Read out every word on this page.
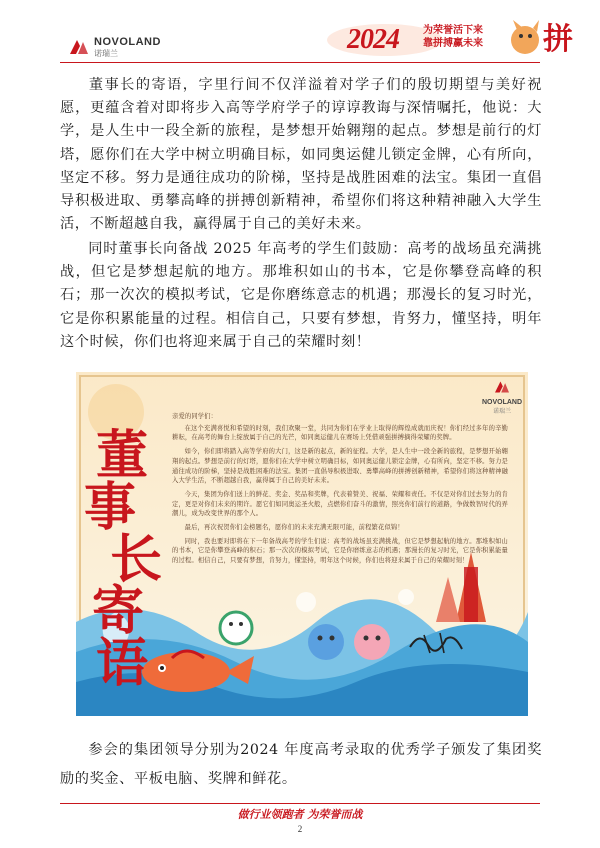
NOVOLAND
诺瑞兰	2024 为荣誉活下来
靠拼搏赢未来 拼

董事长的寄语，字里行间不仅洋溢着对学子们的殷切期望与美好祝愿，更蕴含着对即将步入高等学府学子的谆谆教诲与深情嘱托，他说：大学，是人生中一段全新的旅程，是梦想开始翱翔的起点。梦想是前行的灯塔，愿你们在大学中树立明确目标，如同奥运健儿锁定金牌，心有所向，坚定不移。努力是通往成功的阶梯，坚持是战胜困难的法宝。集团一直倡导积极进取、勇攀高峰的拼搏创新精神，希望你们将这种精神融入大学生活，不断超越自我，赢得属于自己的美好未来。

同时董事长向备战 2025 年高考的学生们鼓励：高考的战场虽充满挑战，但它是梦想起航的地方。那堆积如山的书本，它是你攀登高峰的积石；那一次次的模拟考试，它是你磨练意志的机遇；那漫长的复习时光，它是你积累能量的过程。相信自己，只要有梦想，肯努力，懂坚持，明年这个时候，你们也将迎来属于自己的荣耀时刻！

董
事
长
寄
语
NOVOLAND
诺瑞兰

亲爱的同学们：

在这个充满喜悦和希望的时刻，我们欢聚一堂，共同为你们在学业上取得的辉煌成就而庆祝！你们经过多年的辛勤耕耘，在高考的舞台上绽放属于自己的光芒，如同奥运健儿在赛场上凭借顽强拼搏摘得荣耀的奖牌。

如今，你们即将踏入高等学府的大门，这是新的起点，新的征程。大学，是人生中一段全新的旅程，是梦想开始翱翔的起点。梦想是前行的灯塔，愿你们在大学中树立明确目标，如同奥运健儿锁定金牌，心有所向，坚定不移。努力是通往成功的阶梯，坚持是战胜困难的法宝。集团一直倡导积极进取、勇攀高峰的拼搏创新精神，希望你们将这种精神融入大学生活，不断超越自我，赢得属于自己的美好未来。

今天，集团为你们送上的鲜花、奖金、奖品和奖牌，代表着赞美、祝福、荣耀和责任。不仅是对你们过去努力的肯定，更是对你们未来的期许。愿它们如同奥运圣火般，点燃你们奋斗的激情，照亮你们前行的道路，争做数智时代的弄潮儿，成为改变世界的那个人。

最后，再次祝贺你们金榜题名，愿你们的未来充满无限可能，前程繁花似锦！

同时，我也要对即将在下一年备战高考的学生们说：高考的战场虽充满挑战，但它是梦想起航的地方。那堆积如山的书本，它是你攀登高峰的积石；那一次次的模拟考试，它是你磨练意志的机遇；那漫长的复习时光，它是你积累能量的过程。相信自己，只要有梦想，肯努力，懂坚持，明年这个时候，你们也将迎来属于自己的荣耀时刻！

参会的集团领导分别为2024 年度高考录取的优秀学子颁发了集团奖励的奖金、平板电脑、奖牌和鲜花。

做行业领跑者 为荣誉而战
2
